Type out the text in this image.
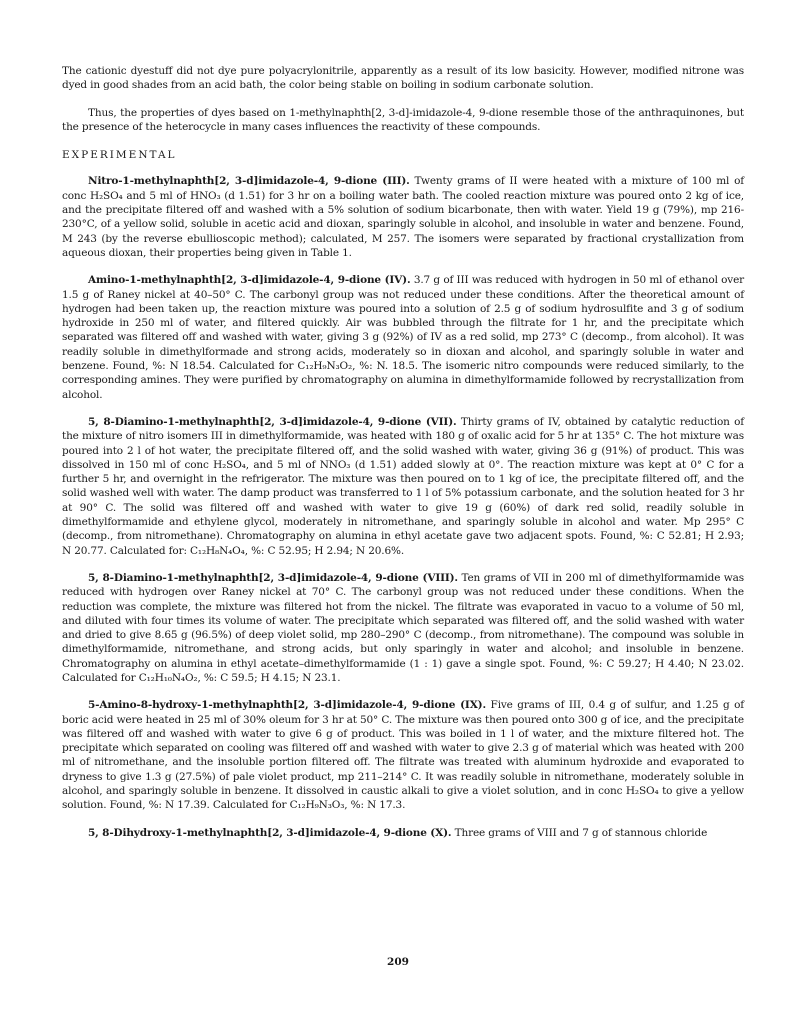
The cationic dyestuff did not dye pure polyacrylonitrile, apparently as a result of its low basicity. However, modified nitrone was dyed in good shades from an acid bath, the color being stable on boiling in sodium carbonate solution.

Thus, the properties of dyes based on 1-methylnaphth[2, 3-d]-imidazole-4, 9-dione resemble those of the anthraquinones, but the presence of the heterocycle in many cases influences the reactivity of these compounds.

EXPERIMENTAL

Nitro-1-methylnaphth[2, 3-d]imidazole-4, 9-dione (III). Twenty grams of II were heated with a mixture of 100 ml of conc H₂SO₄ and 5 ml of HNO₃ (d 1.51) for 3 hr on a boiling water bath. The cooled reaction mixture was poured onto 2 kg of ice, and the precipitate filtered off and washed with a 5% solution of sodium bicarbonate, then with water. Yield 19 g (79%), mp 216-230°C, of a yellow solid, soluble in acetic acid and dioxan, sparingly soluble in alcohol, and insoluble in water and benzene. Found, M 243 (by the reverse ebullioscopic method); calculated, M 257. The isomers were separated by fractional crystallization from aqueous dioxan, their properties being given in Table 1.

Amino-1-methylnaphth[2, 3-d]imidazole-4, 9-dione (IV). 3.7 g of III was reduced with hydrogen in 50 ml of ethanol over 1.5 g of Raney nickel at 40–50° C. The carbonyl group was not reduced under these conditions. After the theoretical amount of hydrogen had been taken up, the reaction mixture was poured into a solution of 2.5 g of sodium hydrosulfite and 3 g of sodium hydroxide in 250 ml of water, and filtered quickly. Air was bubbled through the filtrate for 1 hr, and the precipitate which separated was filtered off and washed with water, giving 3 g (92%) of IV as a red solid, mp 273° C (decomp., from alcohol). It was readily soluble in dimethylformade and strong acids, moderately so in dioxan and alcohol, and sparingly soluble in water and benzene. Found, %: N 18.54. Calculated for C₁₂H₉N₃O₂, %: N. 18.5. The isomeric nitro compounds were reduced similarly, to the corresponding amines. They were purified by chromatography on alumina in dimethylformamide followed by recrystallization from alcohol.

5, 8-Diamino-1-methylnaphth[2, 3-d]imidazole-4, 9-dione (VII). Thirty grams of IV, obtained by catalytic reduction of the mixture of nitro isomers III in dimethylformamide, was heated with 180 g of oxalic acid for 5 hr at 135° C. The hot mixture was poured into 2 l of hot water, the precipitate filtered off, and the solid washed with water, giving 36 g (91%) of product. This was dissolved in 150 ml of conc H₂SO₄, and 5 ml of NNO₃ (d 1.51) added slowly at 0°. The reaction mixture was kept at 0° C for a further 5 hr, and overnight in the refrigerator. The mixture was then poured on to 1 kg of ice, the precipitate filtered off, and the solid washed well with water. The damp product was transferred to 1 l of 5% potassium carbonate, and the solution heated for 3 hr at 90° C. The solid was filtered off and washed with water to give 19 g (60%) of dark red solid, readily soluble in dimethylformamide and ethylene glycol, moderately in nitromethane, and sparingly soluble in alcohol and water. Mp 295° C (decomp., from nitromethane). Chromatography on alumina in ethyl acetate gave two adjacent spots. Found, %: C 52.81; H 2.93; N 20.77. Calculated for: C₁₂H₈N₄O₄, %: C 52.95; H 2.94; N 20.6%.

5, 8-Diamino-1-methylnaphth[2, 3-d]imidazole-4, 9-dione (VIII). Ten grams of VII in 200 ml of dimethylformamide was reduced with hydrogen over Raney nickel at 70° C. The carbonyl group was not reduced under these conditions. When the reduction was complete, the mixture was filtered hot from the nickel. The filtrate was evaporated in vacuo to a volume of 50 ml, and diluted with four times its volume of water. The precipitate which separated was filtered off, and the solid washed with water and dried to give 8.65 g (96.5%) of deep violet solid, mp 280–290° C (decomp., from nitromethane). The compound was soluble in dimethylformamide, nitromethane, and strong acids, but only sparingly in water and alcohol; and insoluble in benzene. Chromatography on alumina in ethyl acetate–dimethylformamide (1 : 1) gave a single spot. Found, %: C 59.27; H 4.40; N 23.02. Calculated for C₁₂H₁₀N₄O₂, %: C 59.5; H 4.15; N 23.1.

5-Amino-8-hydroxy-1-methylnaphth[2, 3-d]imidazole-4, 9-dione (IX). Five grams of III, 0.4 g of sulfur, and 1.25 g of boric acid were heated in 25 ml of 30% oleum for 3 hr at 50° C. The mixture was then poured onto 300 g of ice, and the precipitate was filtered off and washed with water to give 6 g of product. This was boiled in 1 l of water, and the mixture filtered hot. The precipitate which separated on cooling was filtered off and washed with water to give 2.3 g of material which was heated with 200 ml of nitromethane, and the insoluble portion filtered off. The filtrate was treated with aluminum hydroxide and evaporated to dryness to give 1.3 g (27.5%) of pale violet product, mp 211–214° C. It was readily soluble in nitromethane, moderately soluble in alcohol, and sparingly soluble in benzene. It dissolved in caustic alkali to give a violet solution, and in conc H₂SO₄ to give a yellow solution. Found, %: N 17.39. Calculated for C₁₂H₉N₃O₃, %: N 17.3.

5, 8-Dihydroxy-1-methylnaphth[2, 3-d]imidazole-4, 9-dione (X). Three grams of VIII and 7 g of stannous chloride

209
